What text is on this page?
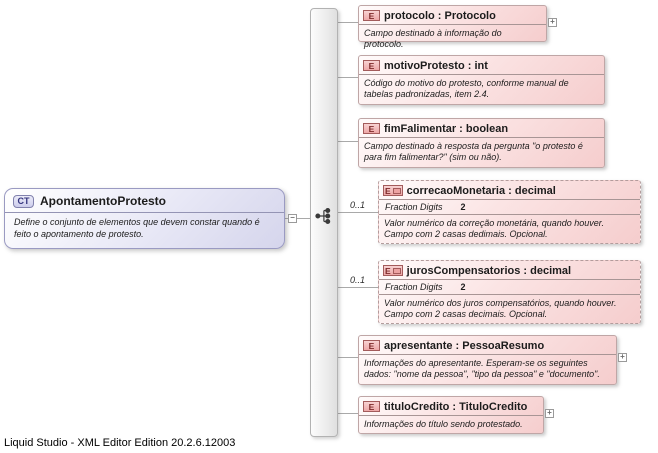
CT ApontamentoProtesto
Define o conjunto de elementos que devem constar quando é feito o apontamento de protesto.
−
0..1
0..1
E protocolo : Protocolo
Campo destinado à informação do protocolo.
+
E motivoProtesto : int
Código do motivo do protesto, conforme manual de tabelas padronizadas, item 2.4.
E fimFalimentar : boolean
Campo destinado à resposta da pergunta "o protesto é para fim falimentar?" (sim ou não).
E correcaoMonetaria : decimal
Fraction Digits 2
Valor numérico da correção monetária, quando houver. Campo com 2 casas dedimais. Opcional.
E jurosCompensatorios : decimal
Fraction Digits 2
Valor numérico dos juros compensatórios, quando houver. Campo com 2 casas decimais. Opcional.
E apresentante : PessoaResumo
Informações do apresentante. Esperam-se os seguintes dados: "nome da pessoa", "tipo da pessoa" e "documento".
+
E tituloCredito : TituloCredito
Informações do título sendo protestado.
+
Liquid Studio - XML Editor Edition 20.2.6.12003
